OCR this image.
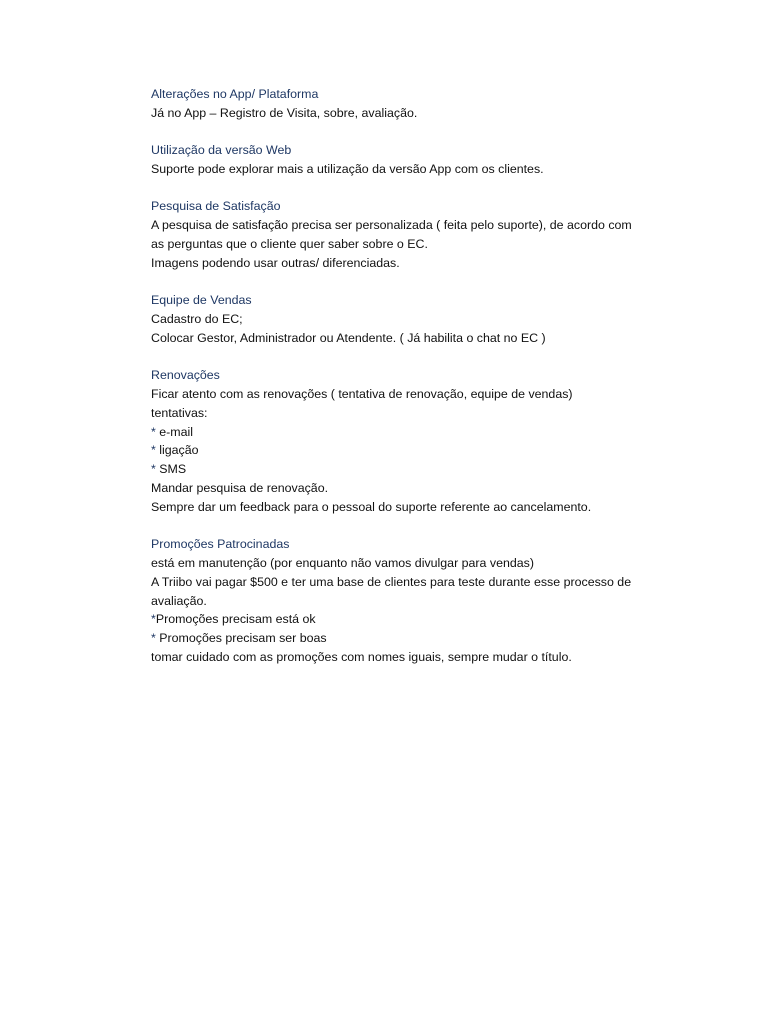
Alterações no App/ Plataforma

Já no App – Registro de Visita, sobre, avaliação.

Utilização da versão Web

Suporte pode explorar mais a utilização da versão App com os clientes.

Pesquisa de Satisfação

A pesquisa de satisfação precisa ser personalizada ( feita pelo suporte), de acordo com

as perguntas que o cliente quer saber sobre o EC.

Imagens podendo usar outras/ diferenciadas.

Equipe de Vendas

Cadastro do EC;

Colocar Gestor, Administrador ou Atendente. ( Já habilita o chat no EC )

Renovações

Ficar atento com as renovações ( tentativa de renovação, equipe de vendas)

tentativas:

* e-mail

* ligação

* SMS

Mandar pesquisa de renovação.

Sempre dar um feedback para o pessoal do suporte referente ao cancelamento.

Promoções Patrocinadas

está em manutenção (por enquanto não vamos divulgar para vendas)

A Triibo vai pagar $500 e ter uma base de clientes para teste durante esse processo de

avaliação.

*Promoções precisam está ok

* Promoções precisam ser boas

tomar cuidado com as promoções com nomes iguais, sempre mudar o título.
